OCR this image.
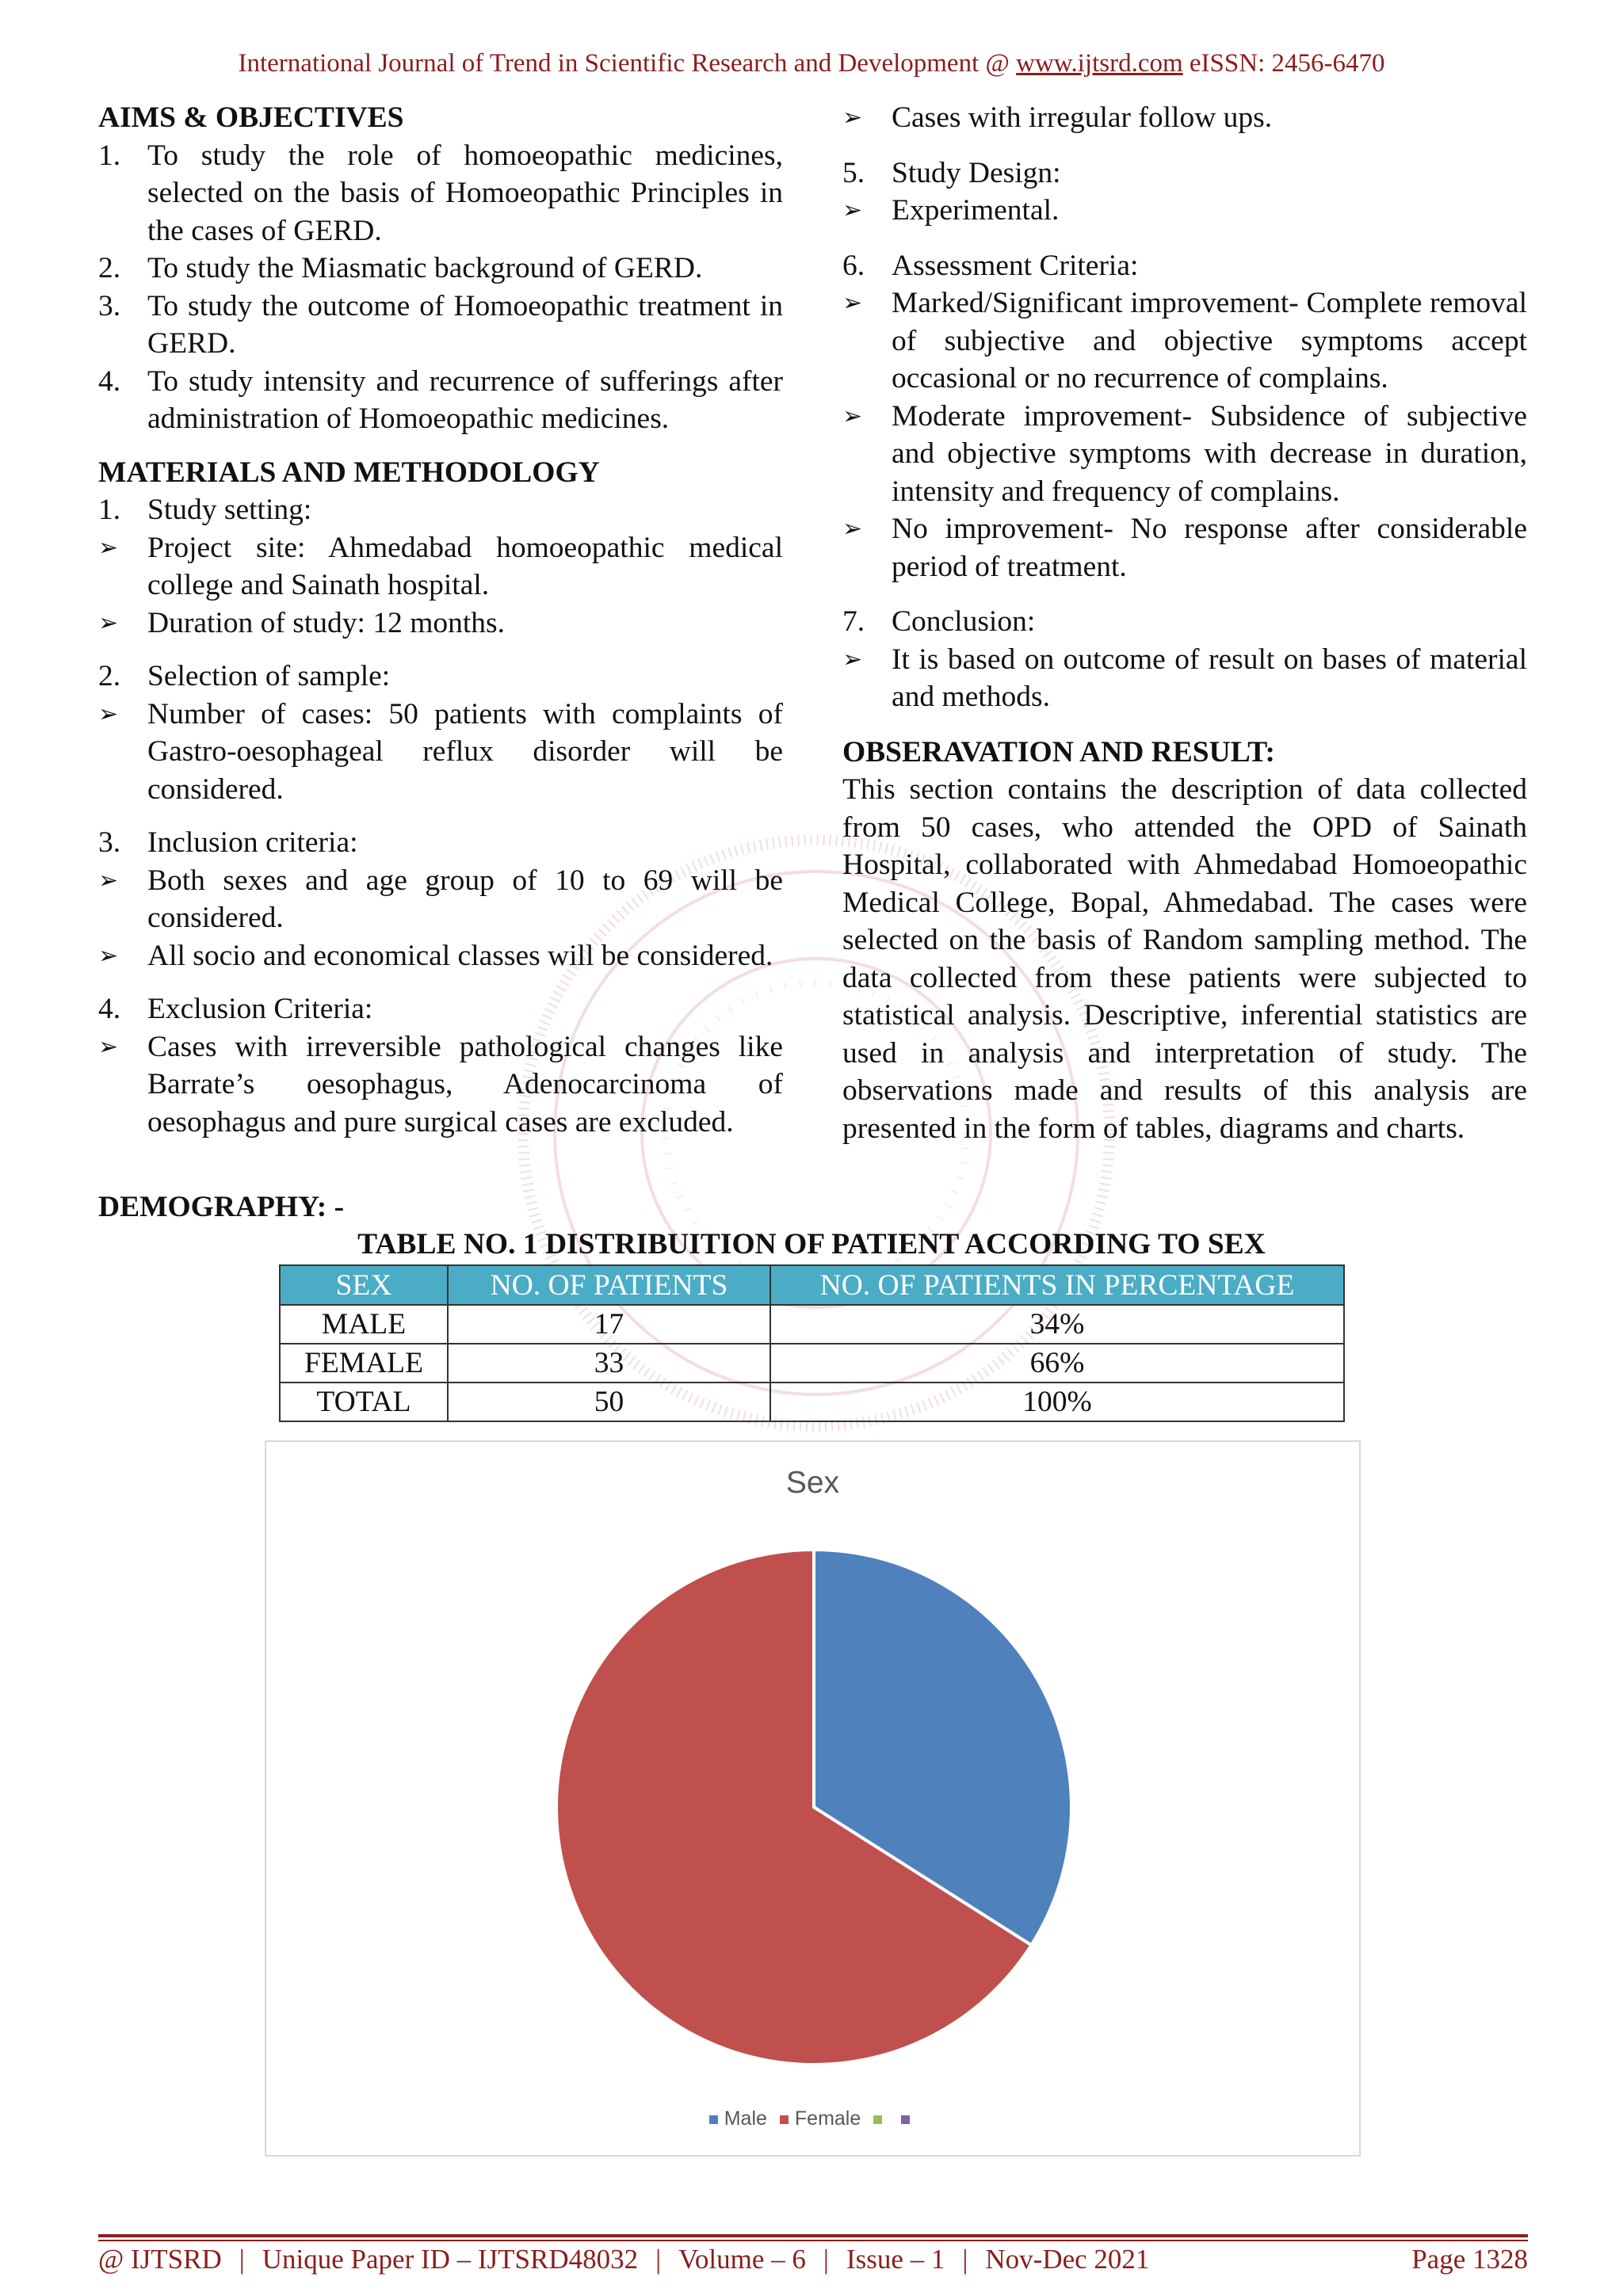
International Journal of Trend in Scientific Research and Development @ www.ijtsrd.com eISSN: 2456-6470

AIMS & OBJECTIVES

1. To study the role of homoeopathic medicines, selected on the basis of Homoeopathic Principles in the cases of GERD.
2. To study the Miasmatic background of GERD.
3. To study the outcome of Homoeopathic treatment in GERD.
4. To study intensity and recurrence of sufferings after administration of Homoeopathic medicines.

MATERIALS AND METHODOLOGY

1. Study setting:
➢ Project site: Ahmedabad homoeopathic medical college and Sainath hospital.
➢ Duration of study: 12 months.
2. Selection of sample:
➢ Number of cases: 50 patients with complaints of Gastro-oesophageal reflux disorder will be considered.
3. Inclusion criteria:
➢ Both sexes and age group of 10 to 69 will be considered.
➢ All socio and economical classes will be considered.
4. Exclusion Criteria:
➢ Cases with irreversible pathological changes like Barrate’s oesophagus, Adenocarcinoma of oesophagus and pure surgical cases are excluded.
➢ Cases with irregular follow ups.
5. Study Design:
➢ Experimental.
6. Assessment Criteria:
➢ Marked/Significant improvement- Complete removal of subjective and objective symptoms accept occasional or no recurrence of complains.
➢ Moderate improvement- Subsidence of subjective and objective symptoms with decrease in duration, intensity and frequency of complains.
➢ No improvement- No response after considerable period of treatment.
7. Conclusion:
➢ It is based on outcome of result on bases of material and methods.

OBSERAVATION AND RESULT:

This section contains the description of data collected from 50 cases, who attended the OPD of Sainath Hospital, collaborated with Ahmedabad Homoeopathic Medical College, Bopal, Ahmedabad. The cases were selected on the basis of Random sampling method. The data collected from these patients were subjected to statistical analysis. Descriptive, inferential statistics are used in analysis and interpretation of study. The observations made and results of this analysis are presented in the form of tables, diagrams and charts.

DEMOGRAPHY: -
TABLE NO. 1 DISTRIBUITION OF PATIENT ACCORDING TO SEX
SEX	NO. OF PATIENTS	NO. OF PATIENTS IN PERCENTAGE
MALE	17	34%
FEMALE	33	66%
TOTAL	50	100%
Sex
Male Female
@ IJTSRD | Unique Paper ID – IJTSRD48032 | Volume – 6 | Issue – 1 | Nov-Dec 2021	Page 1328
